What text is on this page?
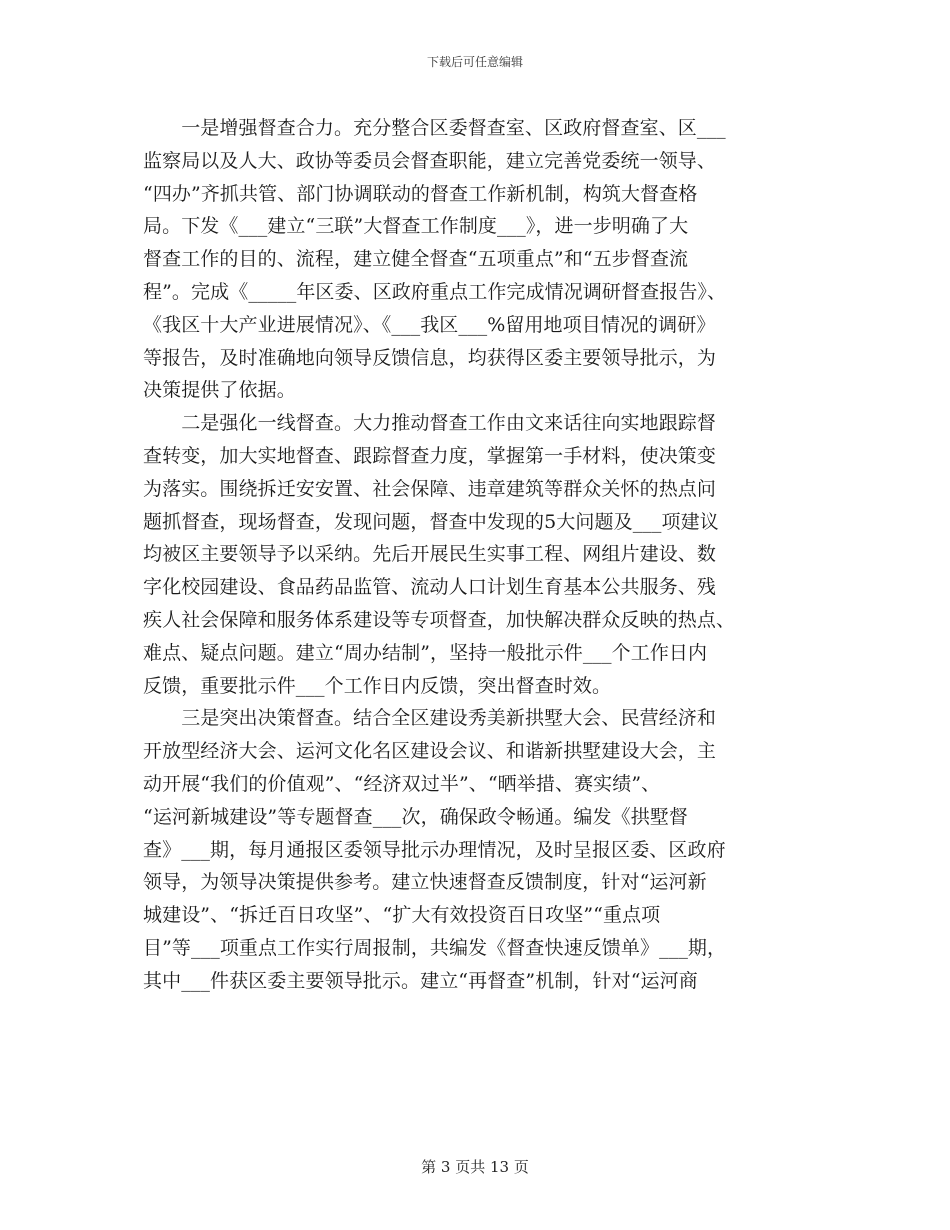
下载后可任意编辑
　　一是增强督查合力。充分整合区委督查室、区政府督查室、区___
监察局以及人大、政协等委员会督查职能，建立完善党委统一领导、
“四办”齐抓共管、部门协调联动的督查工作新机制，构筑大督查格
局。下发《___建立“三联”大督查工作制度___》，进一步明确了大
督查工作的目的、流程，建立健全督查“五项重点”和“五步督查流
程”。完成《_____年区委、区政府重点工作完成情况调研督查报告》、
《我区十大产业进展情况》、《___我区___%留用地项目情况的调研》
等报告，及时准确地向领导反馈信息，均获得区委主要领导批示，为
决策提供了依据。
　　二是强化一线督查。大力推动督查工作由文来话往向实地跟踪督
查转变，加大实地督查、跟踪督查力度，掌握第一手材料，使决策变
为落实。围绕拆迁安安置、社会保障、违章建筑等群众关怀的热点问
题抓督查，现场督查，发现问题，督查中发现的5大问题及___项建议
均被区主要领导予以采纳。先后开展民生实事工程、网组片建设、数
字化校园建设、食品药品监管、流动人口计划生育基本公共服务、残
疾人社会保障和服务体系建设等专项督查，加快解决群众反映的热点、
难点、疑点问题。建立“周办结制”，坚持一般批示件___个工作日内
反馈，重要批示件___个工作日内反馈，突出督查时效。
　　三是突出决策督查。结合全区建设秀美新拱墅大会、民营经济和
开放型经济大会、运河文化名区建设会议、和谐新拱墅建设大会，主
动开展“我们的价值观”、“经济双过半”、“晒举措、赛实绩”、
“运河新城建设”等专题督查___次，确保政令畅通。编发《拱墅督
查》___期，每月通报区委领导批示办理情况，及时呈报区委、区政府
领导，为领导决策提供参考。建立快速督查反馈制度，针对“运河新
城建设”、“拆迁百日攻坚”、“扩大有效投资百日攻坚”“重点项
目”等___项重点工作实行周报制，共编发《督查快速反馈单》___期，
其中___件获区委主要领导批示。建立“再督查”机制，针对“运河商
第 3 页共 13 页
